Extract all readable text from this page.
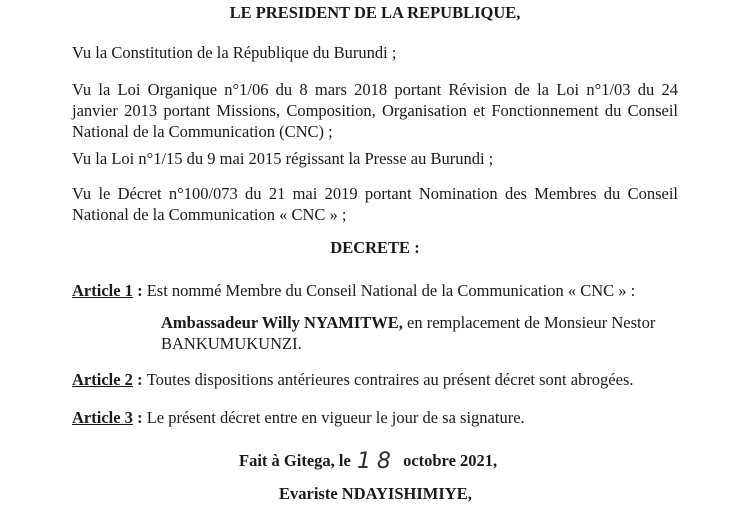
LE PRESIDENT DE LA REPUBLIQUE,
Vu la Constitution de la République du Burundi ;
Vu la Loi Organique n°1/06 du 8 mars 2018 portant Révision de la Loi n°1/03 du 24 janvier 2013 portant Missions, Composition, Organisation et Fonctionnement du Conseil National de la Communication (CNC) ;
Vu la Loi n°1/15 du 9 mai 2015 régissant la Presse au Burundi ;
Vu le Décret n°100/073 du 21 mai 2019 portant Nomination des Membres du Conseil National de la Communication « CNC » ;
DECRETE :
Article 1 : Est nommé Membre du Conseil National de la Communication « CNC » :
Ambassadeur Willy NYAMITWE, en remplacement de Monsieur Nestor
BANKUMUKUNZI.
Article 2 : Toutes dispositions antérieures contraires au présent décret sont abrogées.
Article 3 : Le présent décret entre en vigueur le jour de sa signature.
Fait à Gitega, le 18 octobre 2021,
Evariste NDAYISHIMIYE,
